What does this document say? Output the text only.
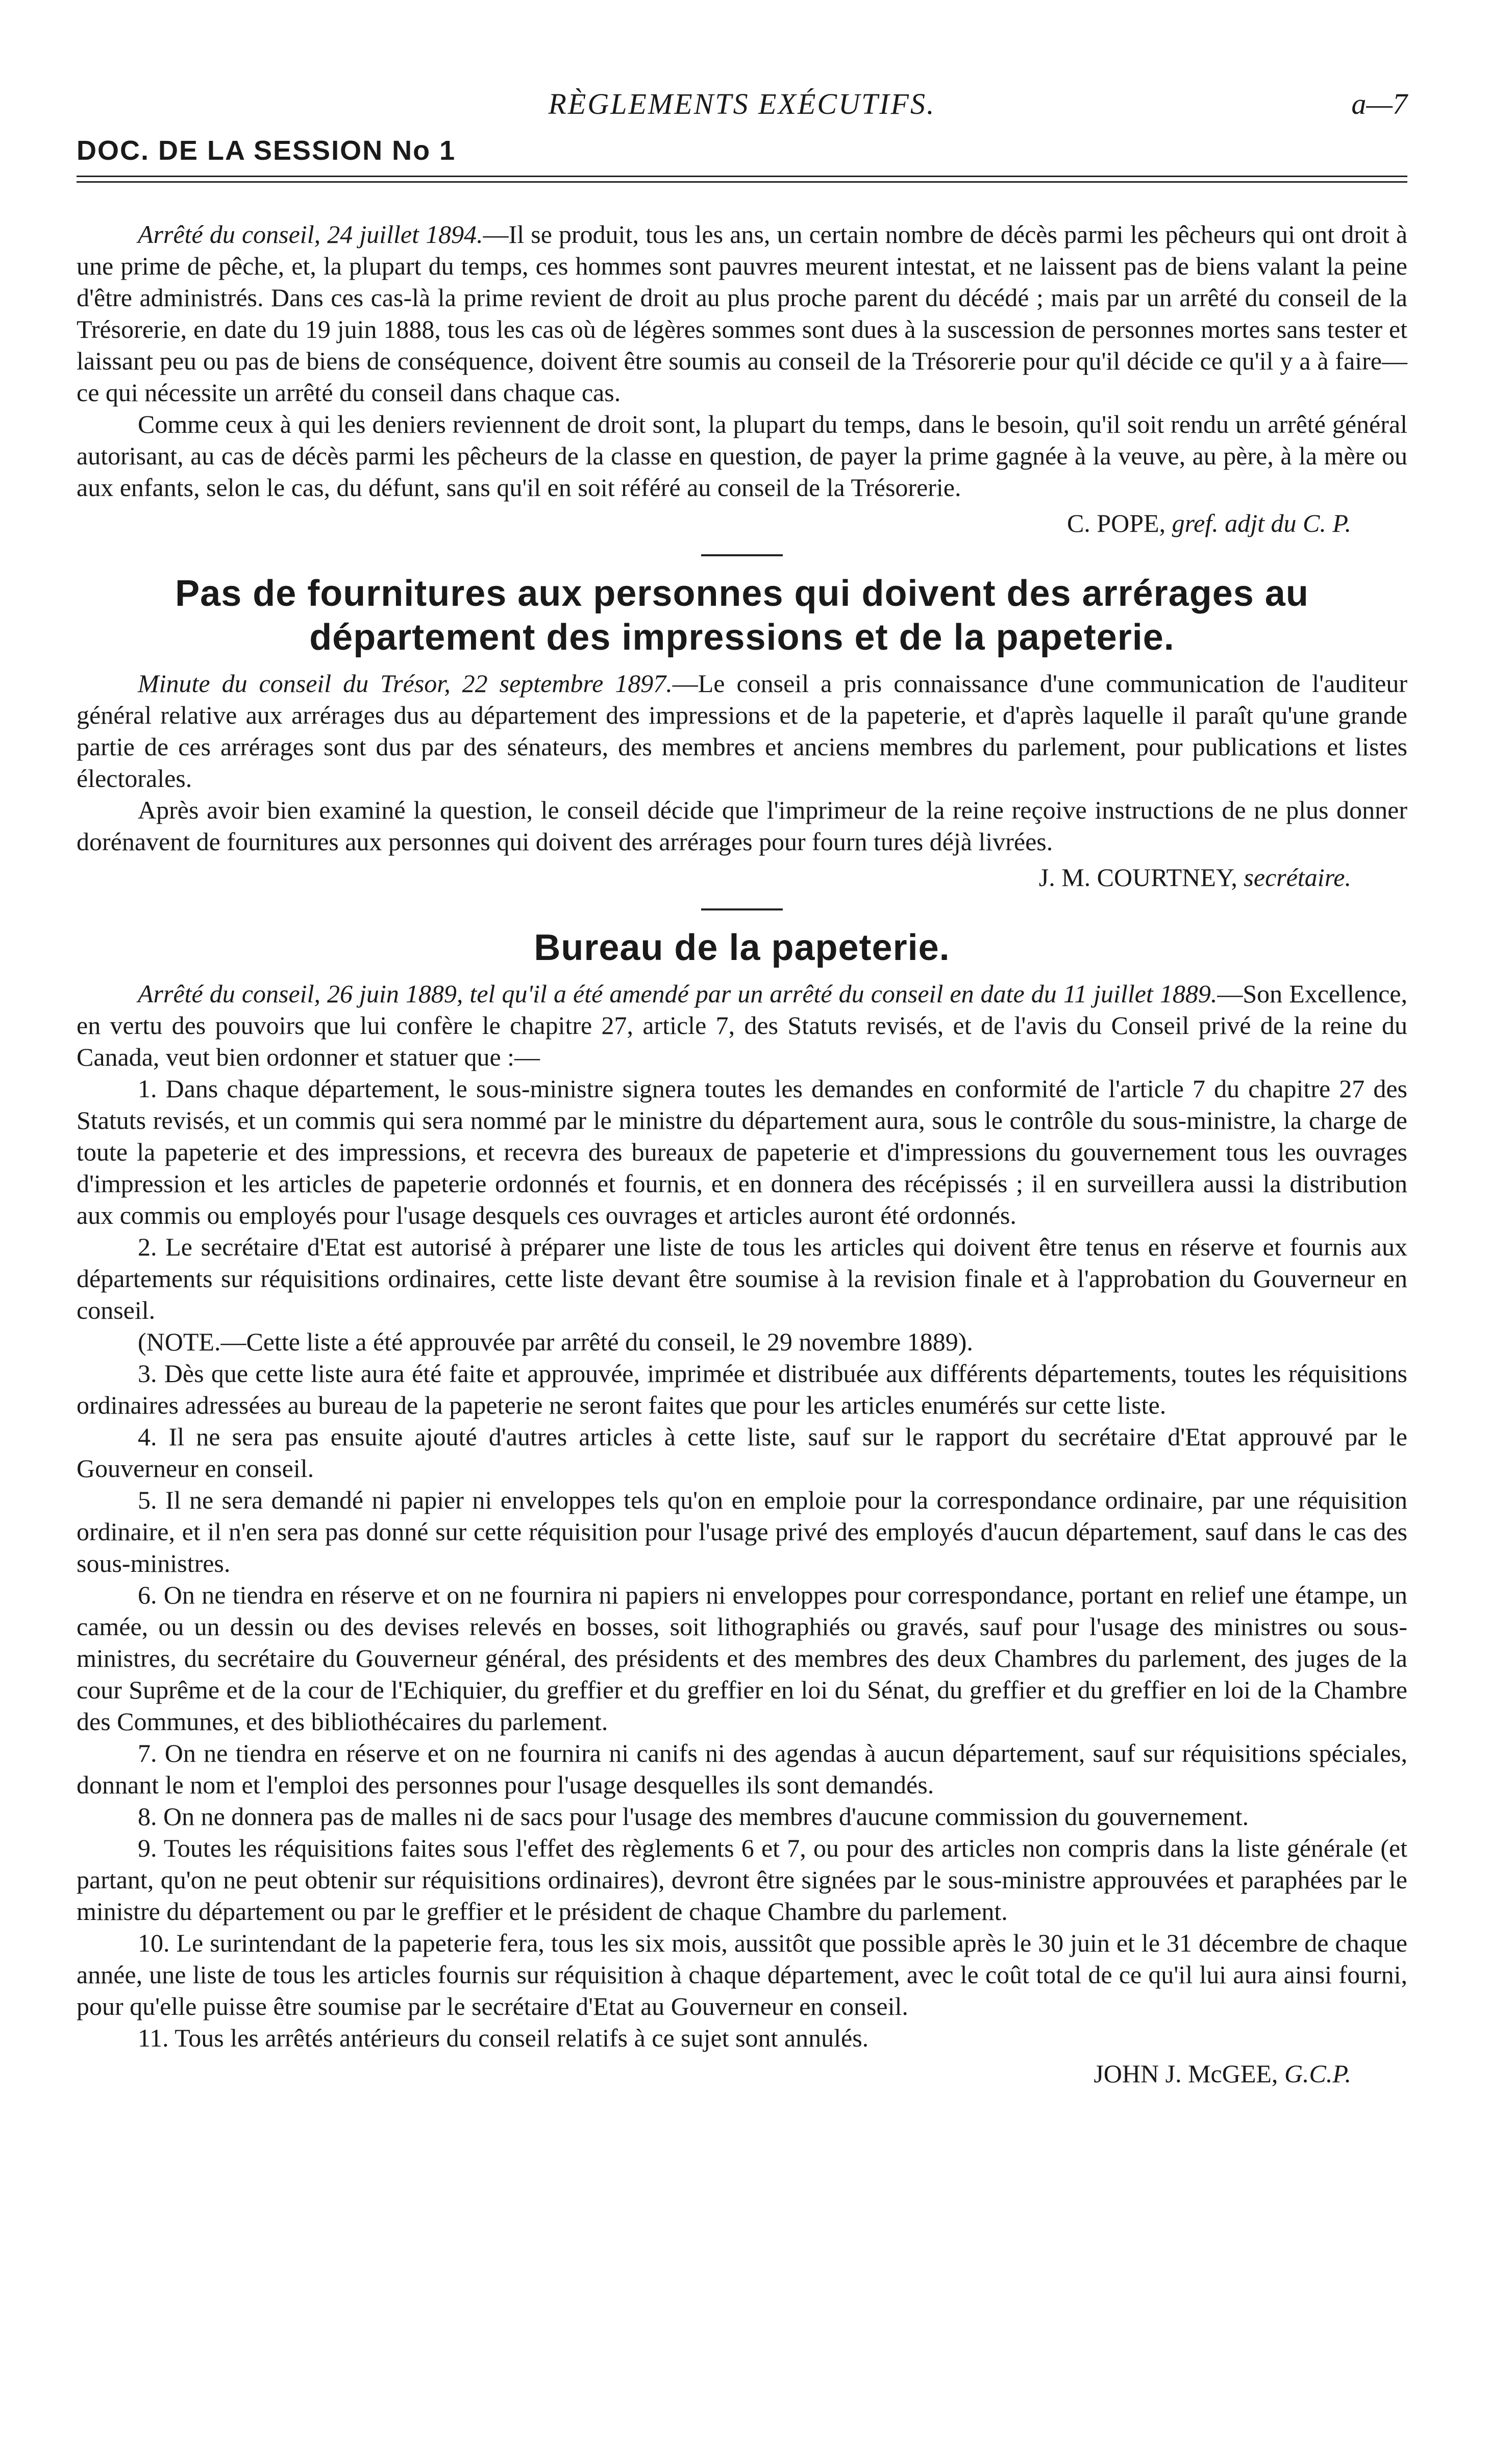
RÈGLEMENTS EXÉCUTIFS.	a—7
DOC. DE LA SESSION No 1

Arrêté du conseil, 24 juillet 1894.—Il se produit, tous les ans, un certain nombre de décès parmi les pêcheurs qui ont droit à une prime de pêche, et, la plupart du temps, ces hommes sont pauvres meurent intestat, et ne laissent pas de biens valant la peine d'être administrés. Dans ces cas-là la prime revient de droit au plus proche parent du décédé ; mais par un arrêté du conseil de la Trésorerie, en date du 19 juin 1888, tous les cas où de légères sommes sont dues à la suscession de personnes mortes sans tester et laissant peu ou pas de biens de conséquence, doivent être soumis au conseil de la Trésorerie pour qu'il décide ce qu'il y a à faire—ce qui nécessite un arrêté du conseil dans chaque cas.

Comme ceux à qui les deniers reviennent de droit sont, la plupart du temps, dans le besoin, qu'il soit rendu un arrêté général autorisant, au cas de décès parmi les pêcheurs de la classe en question, de payer la prime gagnée à la veuve, au père, à la mère ou aux enfants, selon le cas, du défunt, sans qu'il en soit référé au conseil de la Trésorerie.

C. POPE, gref. adjt du C. P.
Pas de fournitures aux personnes qui doivent des arrérages au
département des impressions et de la papeterie.

Minute du conseil du Trésor, 22 septembre 1897.—Le conseil a pris connaissance d'une communication de l'auditeur général relative aux arrérages dus au département des impressions et de la papeterie, et d'après laquelle il paraît qu'une grande partie de ces arrérages sont dus par des sénateurs, des membres et anciens membres du parlement, pour publications et listes électorales.

Après avoir bien examiné la question, le conseil décide que l'imprimeur de la reine reçoive instructions de ne plus donner dorénavent de fournitures aux personnes qui doivent des arrérages pour fourn tures déjà livrées.

J. M. COURTNEY, secrétaire.
Bureau de la papeterie.

Arrêté du conseil, 26 juin 1889, tel qu'il a été amendé par un arrêté du conseil en date du 11 juillet 1889.—Son Excellence, en vertu des pouvoirs que lui confère le chapitre 27, article 7, des Statuts revisés, et de l'avis du Conseil privé de la reine du Canada, veut bien ordonner et statuer que :—

1. Dans chaque département, le sous-ministre signera toutes les demandes en conformité de l'article 7 du chapitre 27 des Statuts revisés, et un commis qui sera nommé par le ministre du département aura, sous le contrôle du sous-ministre, la charge de toute la papeterie et des impressions, et recevra des bureaux de papeterie et d'impressions du gouvernement tous les ouvrages d'impression et les articles de papeterie ordonnés et fournis, et en donnera des récépissés ; il en surveillera aussi la distribution aux commis ou employés pour l'usage desquels ces ouvrages et articles auront été ordonnés.

2. Le secrétaire d'Etat est autorisé à préparer une liste de tous les articles qui doivent être tenus en réserve et fournis aux départements sur réquisitions ordinaires, cette liste devant être soumise à la revision finale et à l'approbation du Gouverneur en conseil.

(NOTE.—Cette liste a été approuvée par arrêté du conseil, le 29 novembre 1889).

3. Dès que cette liste aura été faite et approuvée, imprimée et distribuée aux différents départements, toutes les réquisitions ordinaires adressées au bureau de la papeterie ne seront faites que pour les articles enumérés sur cette liste.

4. Il ne sera pas ensuite ajouté d'autres articles à cette liste, sauf sur le rapport du secrétaire d'Etat approuvé par le Gouverneur en conseil.

5. Il ne sera demandé ni papier ni enveloppes tels qu'on en emploie pour la correspondance ordinaire, par une réquisition ordinaire, et il n'en sera pas donné sur cette réquisition pour l'usage privé des employés d'aucun département, sauf dans le cas des sous-ministres.

6. On ne tiendra en réserve et on ne fournira ni papiers ni enveloppes pour correspondance, portant en relief une étampe, un camée, ou un dessin ou des devises relevés en bosses, soit lithographiés ou gravés, sauf pour l'usage des ministres ou sous-ministres, du secrétaire du Gouverneur général, des présidents et des membres des deux Chambres du parlement, des juges de la cour Suprême et de la cour de l'Echiquier, du greffier et du greffier en loi du Sénat, du greffier et du greffier en loi de la Chambre des Communes, et des bibliothécaires du parlement.

7. On ne tiendra en réserve et on ne fournira ni canifs ni des agendas à aucun département, sauf sur réquisitions spéciales, donnant le nom et l'emploi des personnes pour l'usage desquelles ils sont demandés.

8. On ne donnera pas de malles ni de sacs pour l'usage des membres d'aucune commission du gouvernement.

9. Toutes les réquisitions faites sous l'effet des règlements 6 et 7, ou pour des articles non compris dans la liste générale (et partant, qu'on ne peut obtenir sur réquisitions ordinaires), devront être signées par le sous-ministre approuvées et paraphées par le ministre du département ou par le greffier et le président de chaque Chambre du parlement.

10. Le surintendant de la papeterie fera, tous les six mois, aussitôt que possible après le 30 juin et le 31 décembre de chaque année, une liste de tous les articles fournis sur réquisition à chaque département, avec le coût total de ce qu'il lui aura ainsi fourni, pour qu'elle puisse être soumise par le secrétaire d'Etat au Gouverneur en conseil.

11. Tous les arrêtés antérieurs du conseil relatifs à ce sujet sont annulés.

JOHN J. McGEE, G.C.P.
